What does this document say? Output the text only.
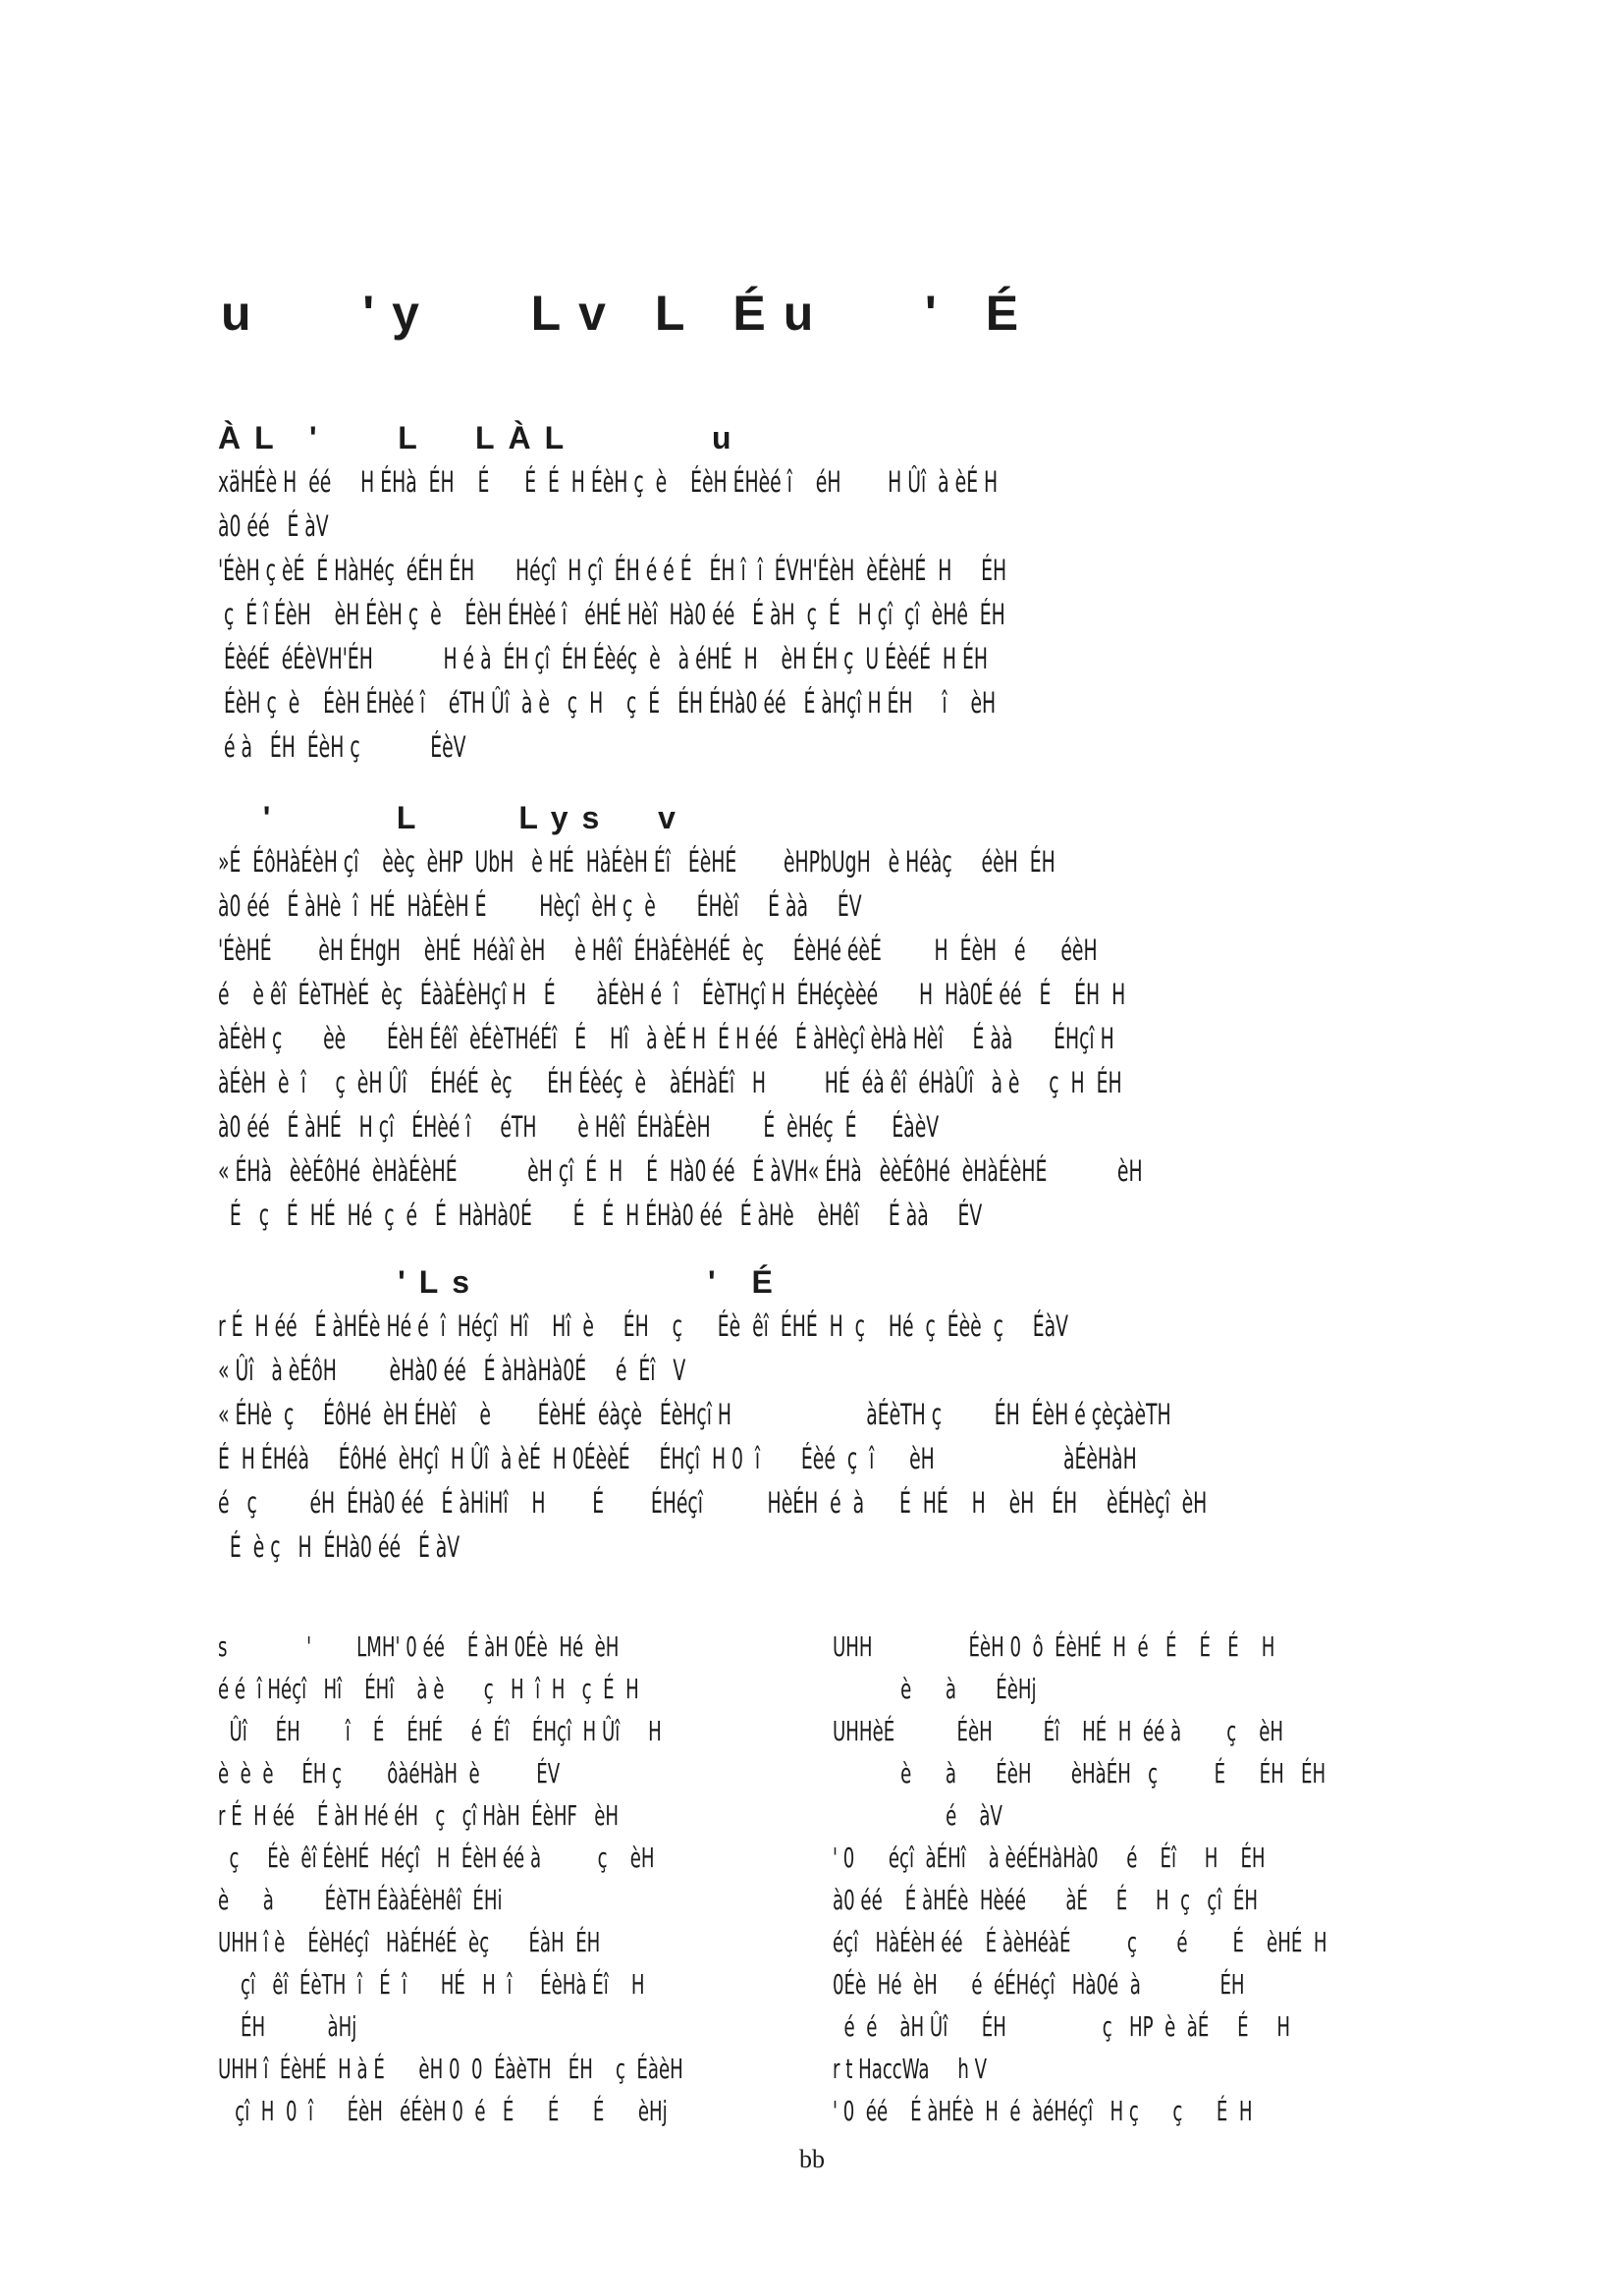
u   'y   Lv L Éu   ' É
ÀL '   L  LÀL      u
xäHÉè H  éé     H ÉHà  ÉH    É      É  É  H ÉèH ç  è    ÉèH ÉHèé î    éH        H Ûî  à èÉ H
à0 éé   É àV
'ÉèH ç èÉ  É HàHéç  éÉH ÉH       Héçî  H çî  ÉH é é É   ÉH î  î  ÉVH'ÉèH  èÉèHÉ  H     ÉH
ç  É î ÉèH    èH ÉèH ç  è    ÉèH ÉHèé î   éHÉ Hèî  Hà0 éé   É àH  ç  É   H çî  çî  èHê  ÉH
ÉèéÉ  éÉèVH'ÉH            H é à  ÉH çî  ÉH Éèéç  è   à éHÉ  H    èH ÉH ç  U ÉèéÉ  H ÉH
ÉèH ç  è    ÉèH ÉHèé î    éTH Ûî  à è   ç  H    ç  É   ÉH ÉHà0 éé   É àHçî H ÉH     î    èH
é à   ÉH  ÉèH ç            ÉèV
'     L    Lys  v
»É  ÉôHàÉèH çî    èèç  èHP  UbH   è HÉ  HàÉèH Éî   ÉèHÉ        èHPbUgH   è Héàç     éèH  ÉH
à0 éé   É àHè  î  HÉ  HàÉèH É         Hèçî  èH ç  è       ÉHèî     É àà     ÉV
'ÉèHÉ        èH ÉHgH    èHÉ  Héàî èH     è Hêî  ÉHàÉèHéÉ  èç     ÉèHé éèÉ         H  ÉèH   é      éèH
é    è êî  ÉèTHèÉ  èç   ÉààÉèHçî H   É       àÉèH é  î    ÉèTHçî H  ÉHéçèèé       H  Hà0É éé   É    ÉH  H
àÉèH ç       èè       ÉèH Éêî  èÉèTHéÉî   É    Hî   à èÉ H  É H éé   É àHèçî èHà Hèî     É àà       ÉHçî H
àÉèH  è  î     ç  èH Ûî    ÉHéÉ  èç      ÉH Éèéç  è    àÉHàÉî   H          HÉ  éà êî  éHàÛî   à è     ç  H  ÉH
à0 éé   É àHÉ   H çî   ÉHèé î     éTH       è Hêî  ÉHàÉèH         É  èHéç  É      ÉàèV
« ÉHà   èèÉôHé  èHàÉèHÉ            èH çî  É  H    É  Hà0 éé   É àVH« ÉHà   èèÉôHé  èHàÉèHÉ            èH
É   ç   É  HÉ  Hé  ç  é   É  HàHà0É       É   É  H ÉHà0 éé   É àHè    èHêî     É àà     ÉV
'Ls          ' É
r É  H éé   É àHÉè Hé é  î  Héçî  Hî    Hî  è     ÉH    ç      Éè  êî  ÉHÉ  H  ç    Hé  ç  Éèè  ç     ÉàV
« Ûî   à èÉôH         èHà0 éé   É àHàHà0É     é  Éî   V
« ÉHè  ç     ÉôHé  èH ÉHèî    è        ÉèHÉ  éàçè   ÉèHçî H                       àÉèTH ç         ÉH  ÉèH é çèçàèTH
É  H ÉHéà     ÉôHé  èHçî  H Ûî  à èÉ  H 0ÉèèÉ     ÉHçî  H 0  î       Éèé  ç  î      èH                      àÉèHàH
é   ç         éH  ÉHà0 éé   É àHiHî    H        É        ÉHéçî           HèÉH  é  à      É  HÉ    H    èH   ÉH     èÉHèçî  èH
É  è ç   H  ÉHà0 éé   É àV
s              '        LMH' 0 éé    É àH 0Éè  Hé  èH
é é  î Héçî   Hî    ÉHî    à è       ç   H  î  H   ç  É  H
Ûî     ÉH        î    É    ÉHÉ     é  Éî    ÉHçî  H Ûî     H
è  è  è     ÉH ç        ôàéHàH  è          ÉV
r É  H éé    É àH Hé éH   ç   çî HàH  ÉèHF   èH
ç     Éè  êî ÉèHÉ  Héçî   H  ÉèH éé à          ç    èH
è      à         ÉèTH ÉààÉèHêî  ÉHi
UHH î è    ÉèHéçî   HàÉHéÉ  èç       ÉàH  ÉH
çî   êî  ÉèTH  î   É  î      HÉ   H  î     ÉèHà Éî    H
ÉH           àHj
UHH î  ÉèHÉ  H à É      èH 0  0  ÉàèTH   ÉH    ç  ÉàèH
çî  H  0  î      ÉèH   éÉèH 0  é   É      É      É      èHj
UHH                 ÉèH 0  ô  ÉèHÉ  H  é   É    É   É    H
è      à       ÉèHj
UHHèÉ           ÉèH         Éî    HÉ  H  éé à        ç    èH
è      à       ÉèH       èHàÉH   ç          É      ÉH   ÉH
é    àV
' 0      éçî  àÉHî    à èéÉHàHà0     é    Éî     H    ÉH
à0 éé    É àHÉè  Hèéé       àÉ     É     H  ç   çî  ÉH
éçî   HàÉèH éé    É àèHéàÉ          ç       é        É    èHÉ  H
0Éè  Hé  èH      é  éÉHéçî   Hà0é  à              ÉH
é  é    àH Ûî      ÉH                 ç   HP  è  àÉ     É     H
r t HaccWa     h V
' 0  éé    É àHÉè  H  é  àéHéçî   H ç      ç      É  H
bb
